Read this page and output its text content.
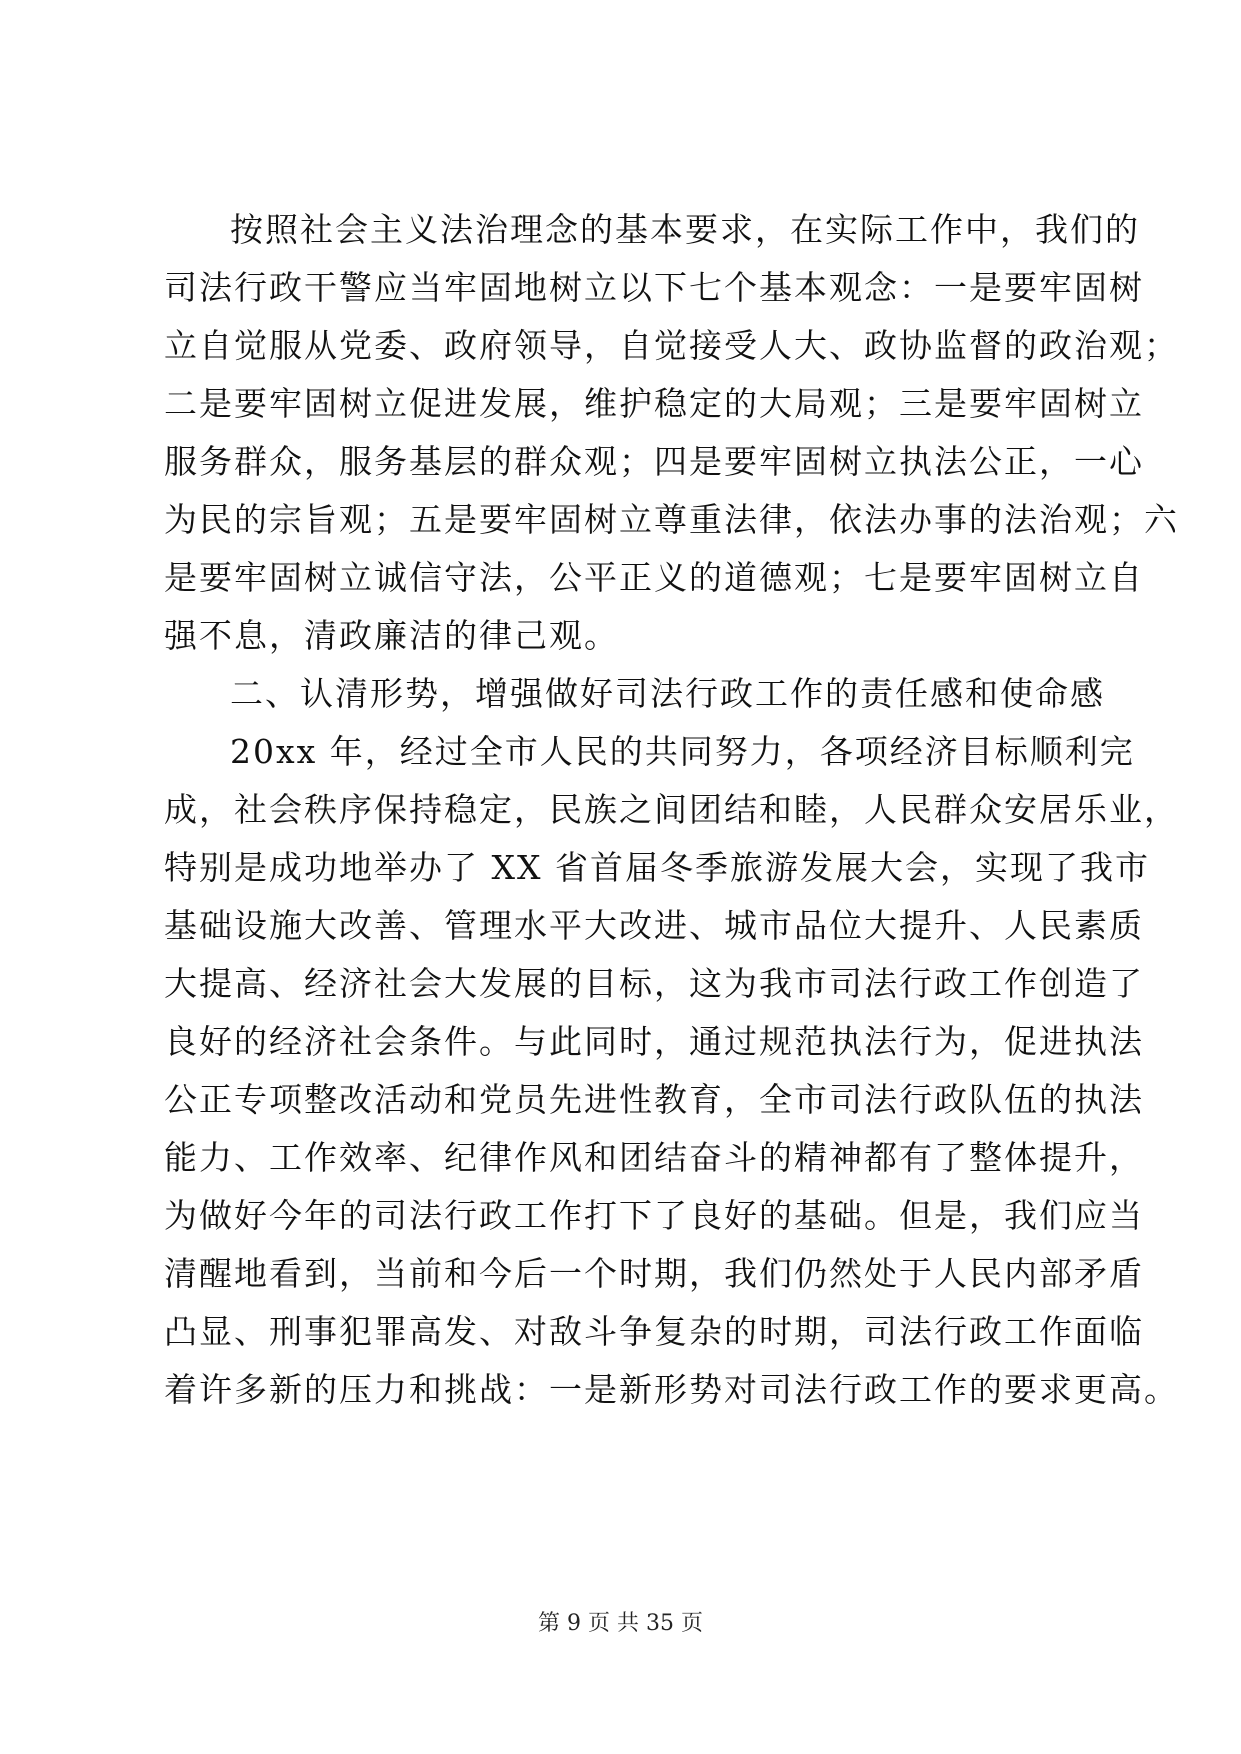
按照社会主义法治理念的基本要求，在实际工作中，我们的
司法行政干警应当牢固地树立以下七个基本观念：一是要牢固树
立自觉服从党委、政府领导，自觉接受人大、政协监督的政治观；
二是要牢固树立促进发展，维护稳定的大局观；三是要牢固树立
服务群众，服务基层的群众观；四是要牢固树立执法公正，一心
为民的宗旨观；五是要牢固树立尊重法律，依法办事的法治观；六
是要牢固树立诚信守法，公平正义的道德观；七是要牢固树立自
强不息，清政廉洁的律己观。
二、认清形势，增强做好司法行政工作的责任感和使命感
20xx 年，经过全市人民的共同努力，各项经济目标顺利完
成，社会秩序保持稳定，民族之间团结和睦，人民群众安居乐业，
特别是成功地举办了 XX 省首届冬季旅游发展大会，实现了我市
基础设施大改善、管理水平大改进、城市品位大提升、人民素质
大提高、经济社会大发展的目标，这为我市司法行政工作创造了
良好的经济社会条件。与此同时，通过规范执法行为，促进执法
公正专项整改活动和党员先进性教育，全市司法行政队伍的执法
能力、工作效率、纪律作风和团结奋斗的精神都有了整体提升，
为做好今年的司法行政工作打下了良好的基础。但是，我们应当
清醒地看到，当前和今后一个时期，我们仍然处于人民内部矛盾
凸显、刑事犯罪高发、对敌斗争复杂的时期，司法行政工作面临
着许多新的压力和挑战：一是新形势对司法行政工作的要求更高。
第 9 页 共 35 页
